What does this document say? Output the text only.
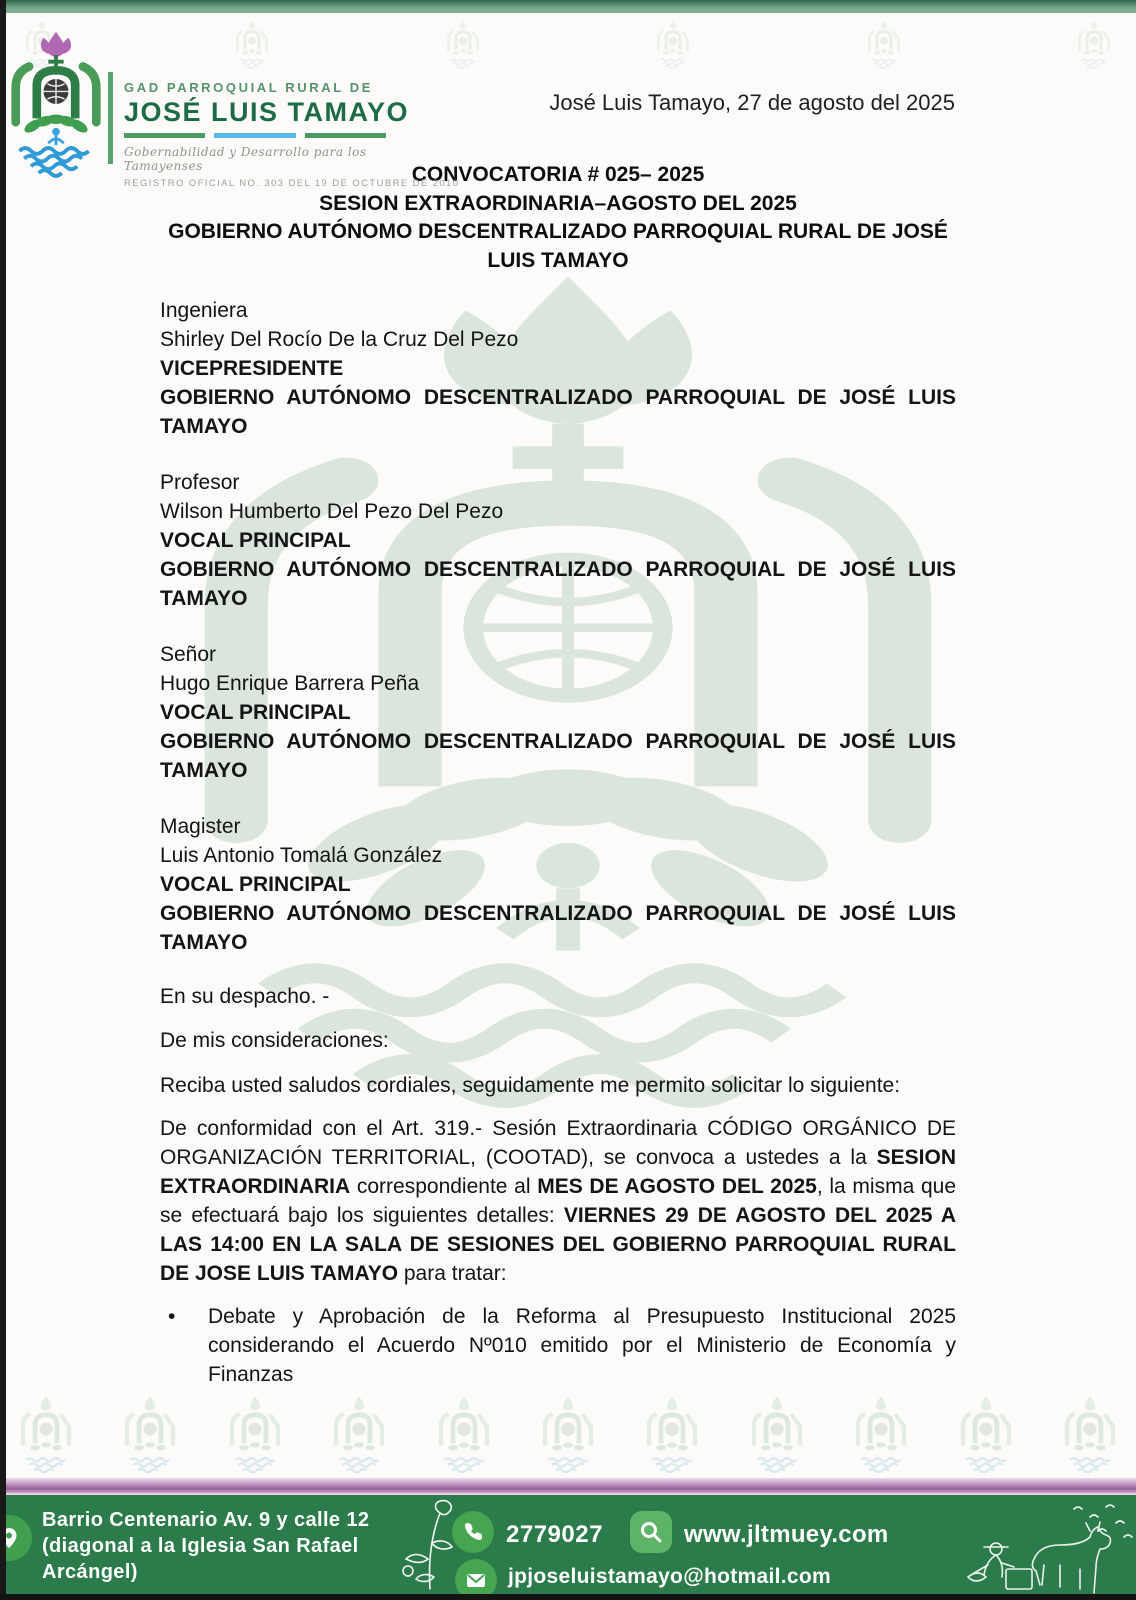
GAD PARROQUIAL RURAL DE
JOSÉ LUIS TAMAYO
Gobernabilidad y Desarrollo para los Tamayenses
REGISTRO OFICIAL NO. 303 DEL 19 DE OCTUBRE DE 2010
José Luis Tamayo, 27 de agosto del 2025
CONVOCATORIA # 025– 2025
SESION EXTRAORDINARIA–AGOSTO DEL 2025
GOBIERNO AUTÓNOMO DESCENTRALIZADO PARROQUIAL RURAL DE JOSÉ LUIS TAMAYO
Ingeniera
Shirley Del Rocío De la Cruz Del Pezo
VICEPRESIDENTE
GOBIERNO AUTÓNOMO DESCENTRALIZADO PARROQUIAL DE JOSÉ LUIS TAMAYO
Profesor
Wilson Humberto Del Pezo Del Pezo
VOCAL PRINCIPAL
GOBIERNO AUTÓNOMO DESCENTRALIZADO PARROQUIAL DE JOSÉ LUIS TAMAYO
Señor
Hugo Enrique Barrera Peña
VOCAL PRINCIPAL
GOBIERNO AUTÓNOMO DESCENTRALIZADO PARROQUIAL DE JOSÉ LUIS TAMAYO
Magister
Luis Antonio Tomalá González
VOCAL PRINCIPAL
GOBIERNO AUTÓNOMO DESCENTRALIZADO PARROQUIAL DE JOSÉ LUIS TAMAYO
En su despacho. -
De mis consideraciones:
Reciba usted saludos cordiales, seguidamente me permito solicitar lo siguiente:
De conformidad con el Art. 319.- Sesión Extraordinaria CÓDIGO ORGÁNICO DE ORGANIZACIÓN TERRITORIAL, (COOTAD), se convoca a ustedes a la SESION EXTRAORDINARIA correspondiente al MES DE AGOSTO DEL 2025, la misma que se efectuará bajo los siguientes detalles: VIERNES 29 DE AGOSTO DEL 2025 A LAS 14:00 EN LA SALA DE SESIONES DEL GOBIERNO PARROQUIAL RURAL DE JOSE LUIS TAMAYO para tratar:
•	Debate y Aprobación de la Reforma al Presupuesto Institucional 2025 considerando el Acuerdo Nº010 emitido por el Ministerio de Economía y Finanzas
Barrio Centenario Av. 9 y calle 12
(diagonal a la Iglesia San Rafael
Arcángel)
2779027	www.jltmuey.com
jpjoseluistamayo@hotmail.com
